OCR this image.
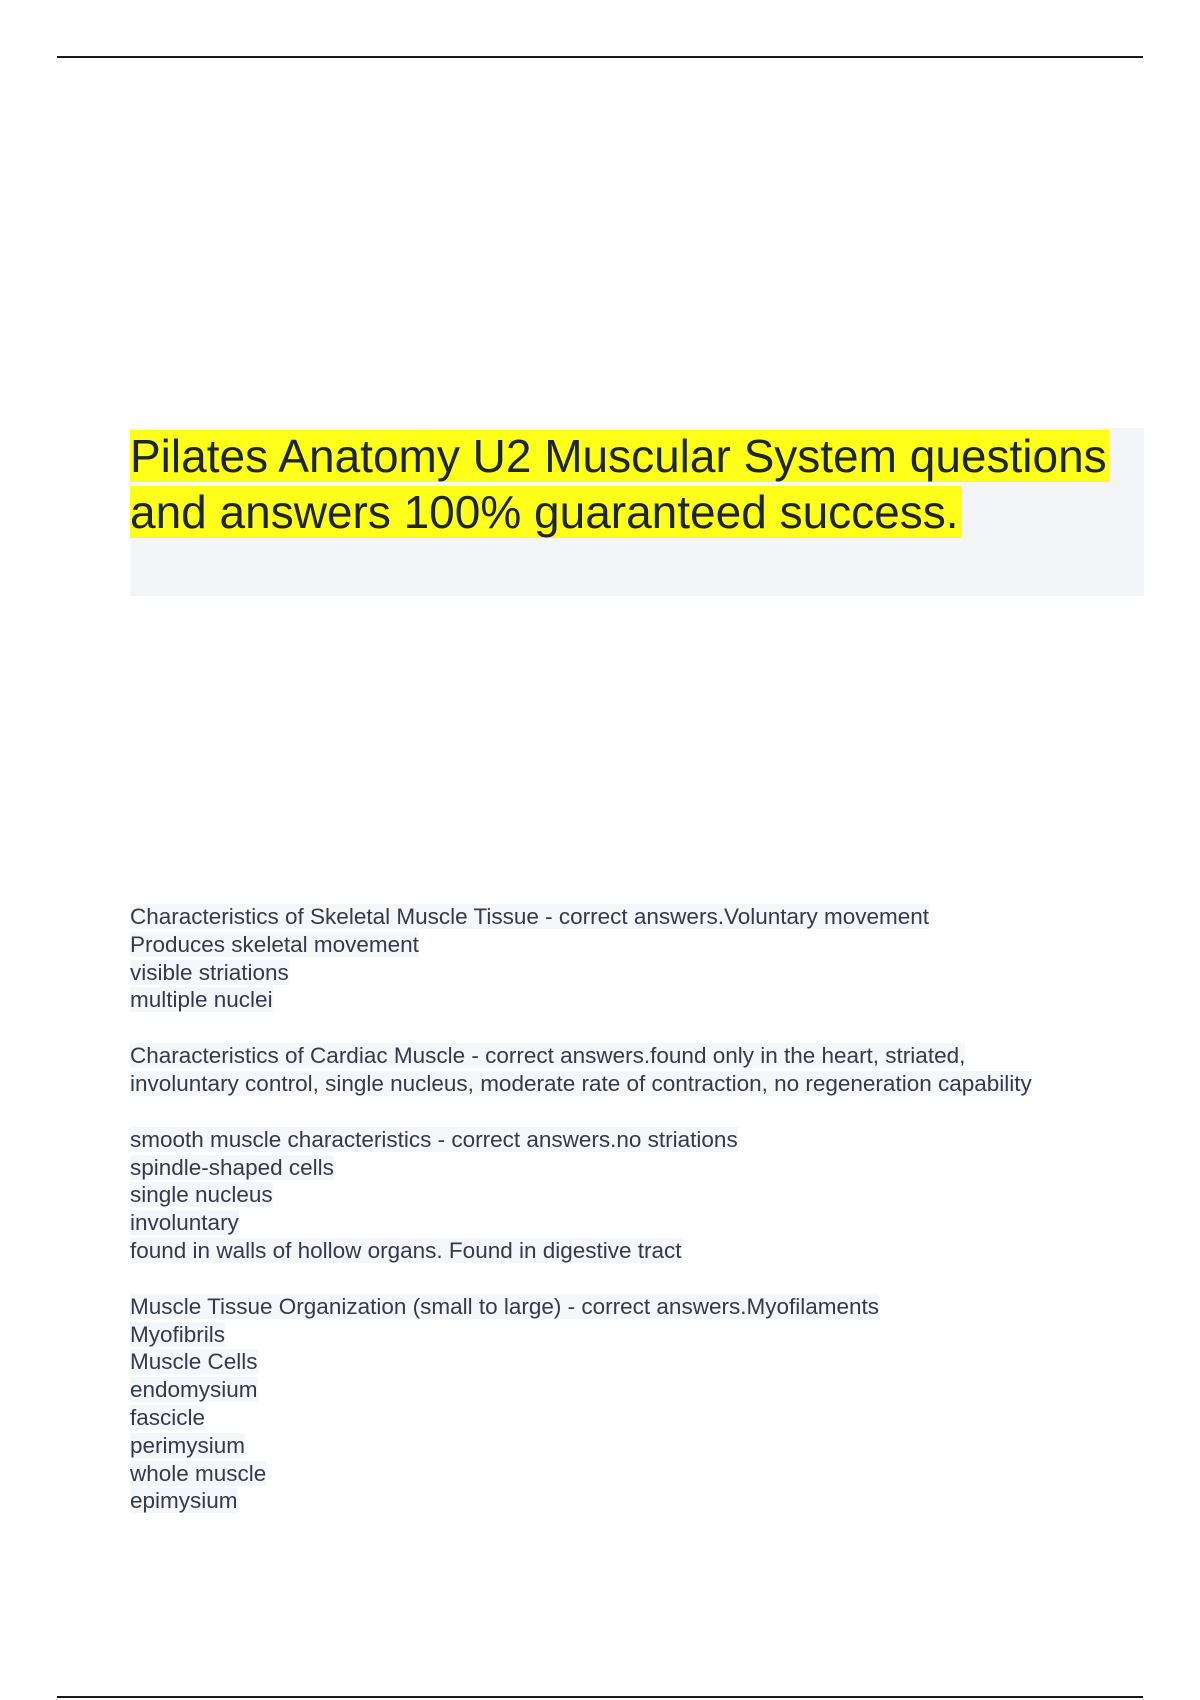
Pilates Anatomy U2 Muscular System questions and answers 100% guaranteed success.
Characteristics of Skeletal Muscle Tissue - correct answers.Voluntary movement
Produces skeletal movement
visible striations
multiple nuclei
Characteristics of Cardiac Muscle - correct answers.found only in the heart, striated,
involuntary control, single nucleus, moderate rate of contraction, no regeneration capability
smooth muscle characteristics - correct answers.no striations
spindle-shaped cells
single nucleus
involuntary
found in walls of hollow organs. Found in digestive tract
Muscle Tissue Organization (small to large) - correct answers.Myofilaments
Myofibrils
Muscle Cells
endomysium
fascicle
perimysium
whole muscle
epimysium
